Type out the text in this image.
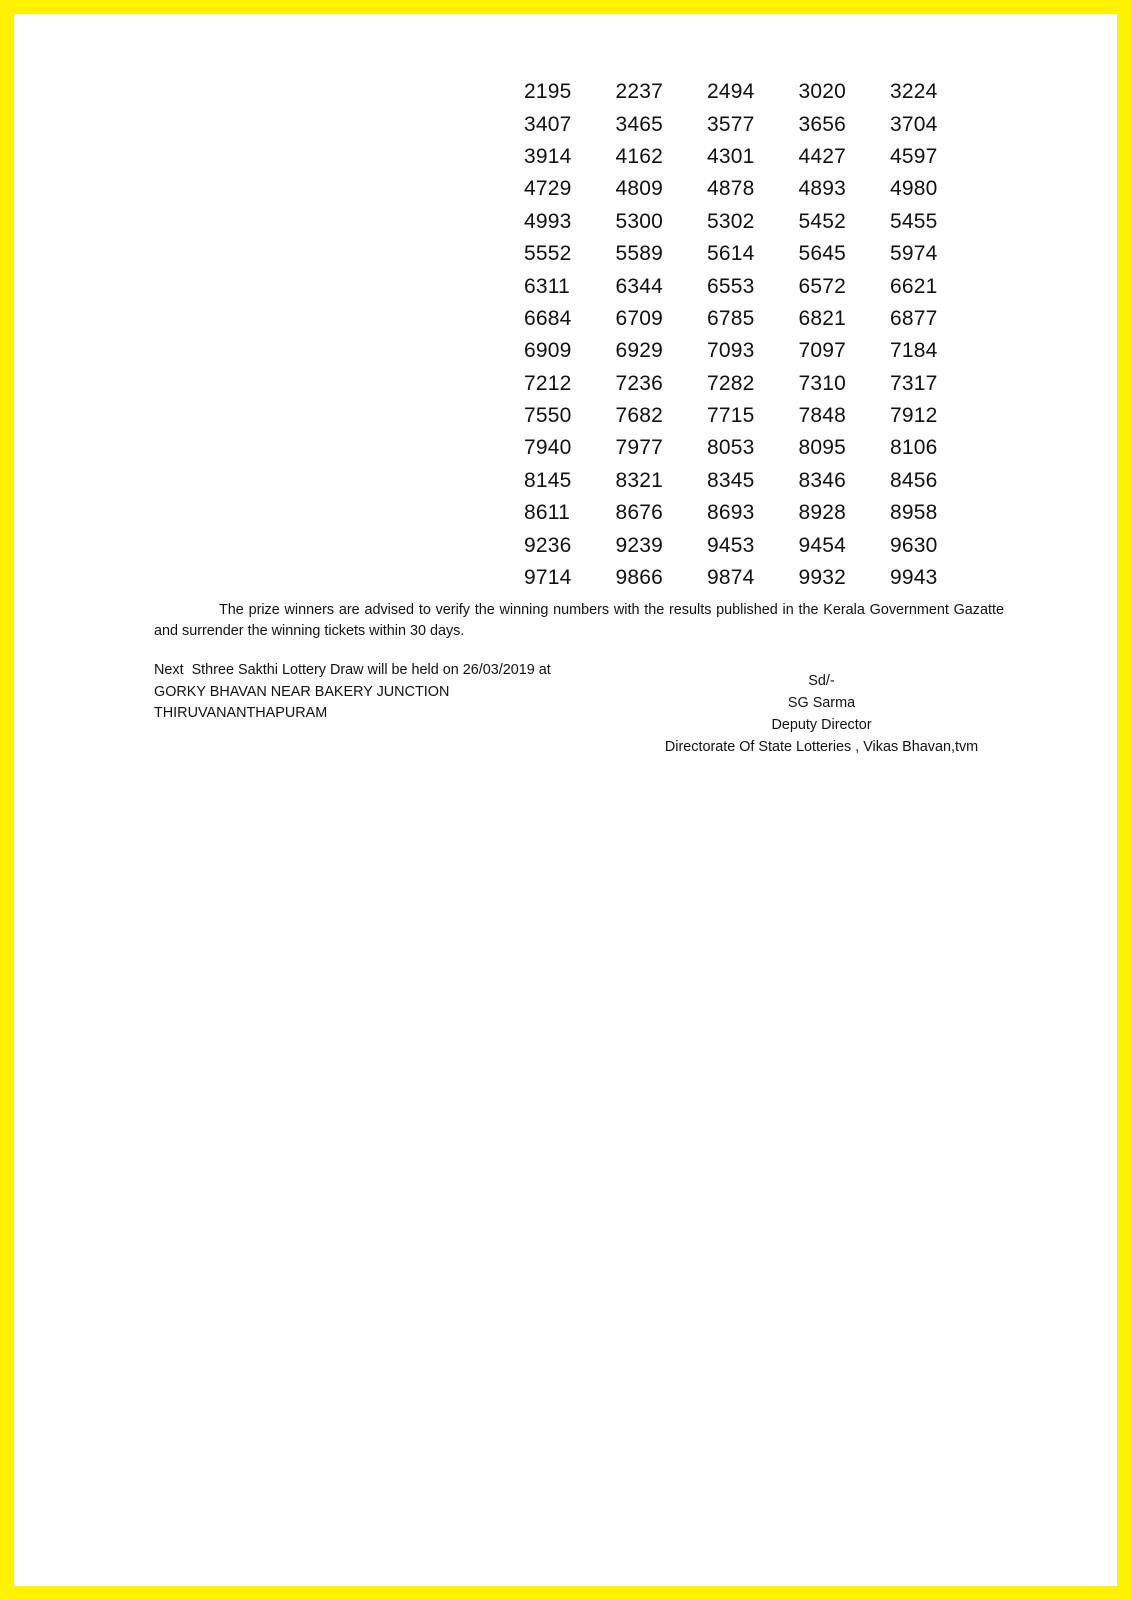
2195	2237	2494	3020	3224
3407	3465	3577	3656	3704
3914	4162	4301	4427	4597
4729	4809	4878	4893	4980
4993	5300	5302	5452	5455
5552	5589	5614	5645	5974
6311	6344	6553	6572	6621
6684	6709	6785	6821	6877
6909	6929	7093	7097	7184
7212	7236	7282	7310	7317
7550	7682	7715	7848	7912
7940	7977	8053	8095	8106
8145	8321	8345	8346	8456
8611	8676	8693	8928	8958
9236	9239	9453	9454	9630
9714	9866	9874	9932	9943
The prize winners are advised to verify the winning numbers with the results published in the Kerala Government Gazatte and surrender the winning tickets within 30 days.
Next  Sthree Sakthi Lottery Draw will be held on 26/03/2019 at
GORKY BHAVAN NEAR BAKERY JUNCTION
THIRUVANANTHAPURAM
Sd/-
SG Sarma
Deputy Director
Directorate Of State Lotteries , Vikas Bhavan,tvm
